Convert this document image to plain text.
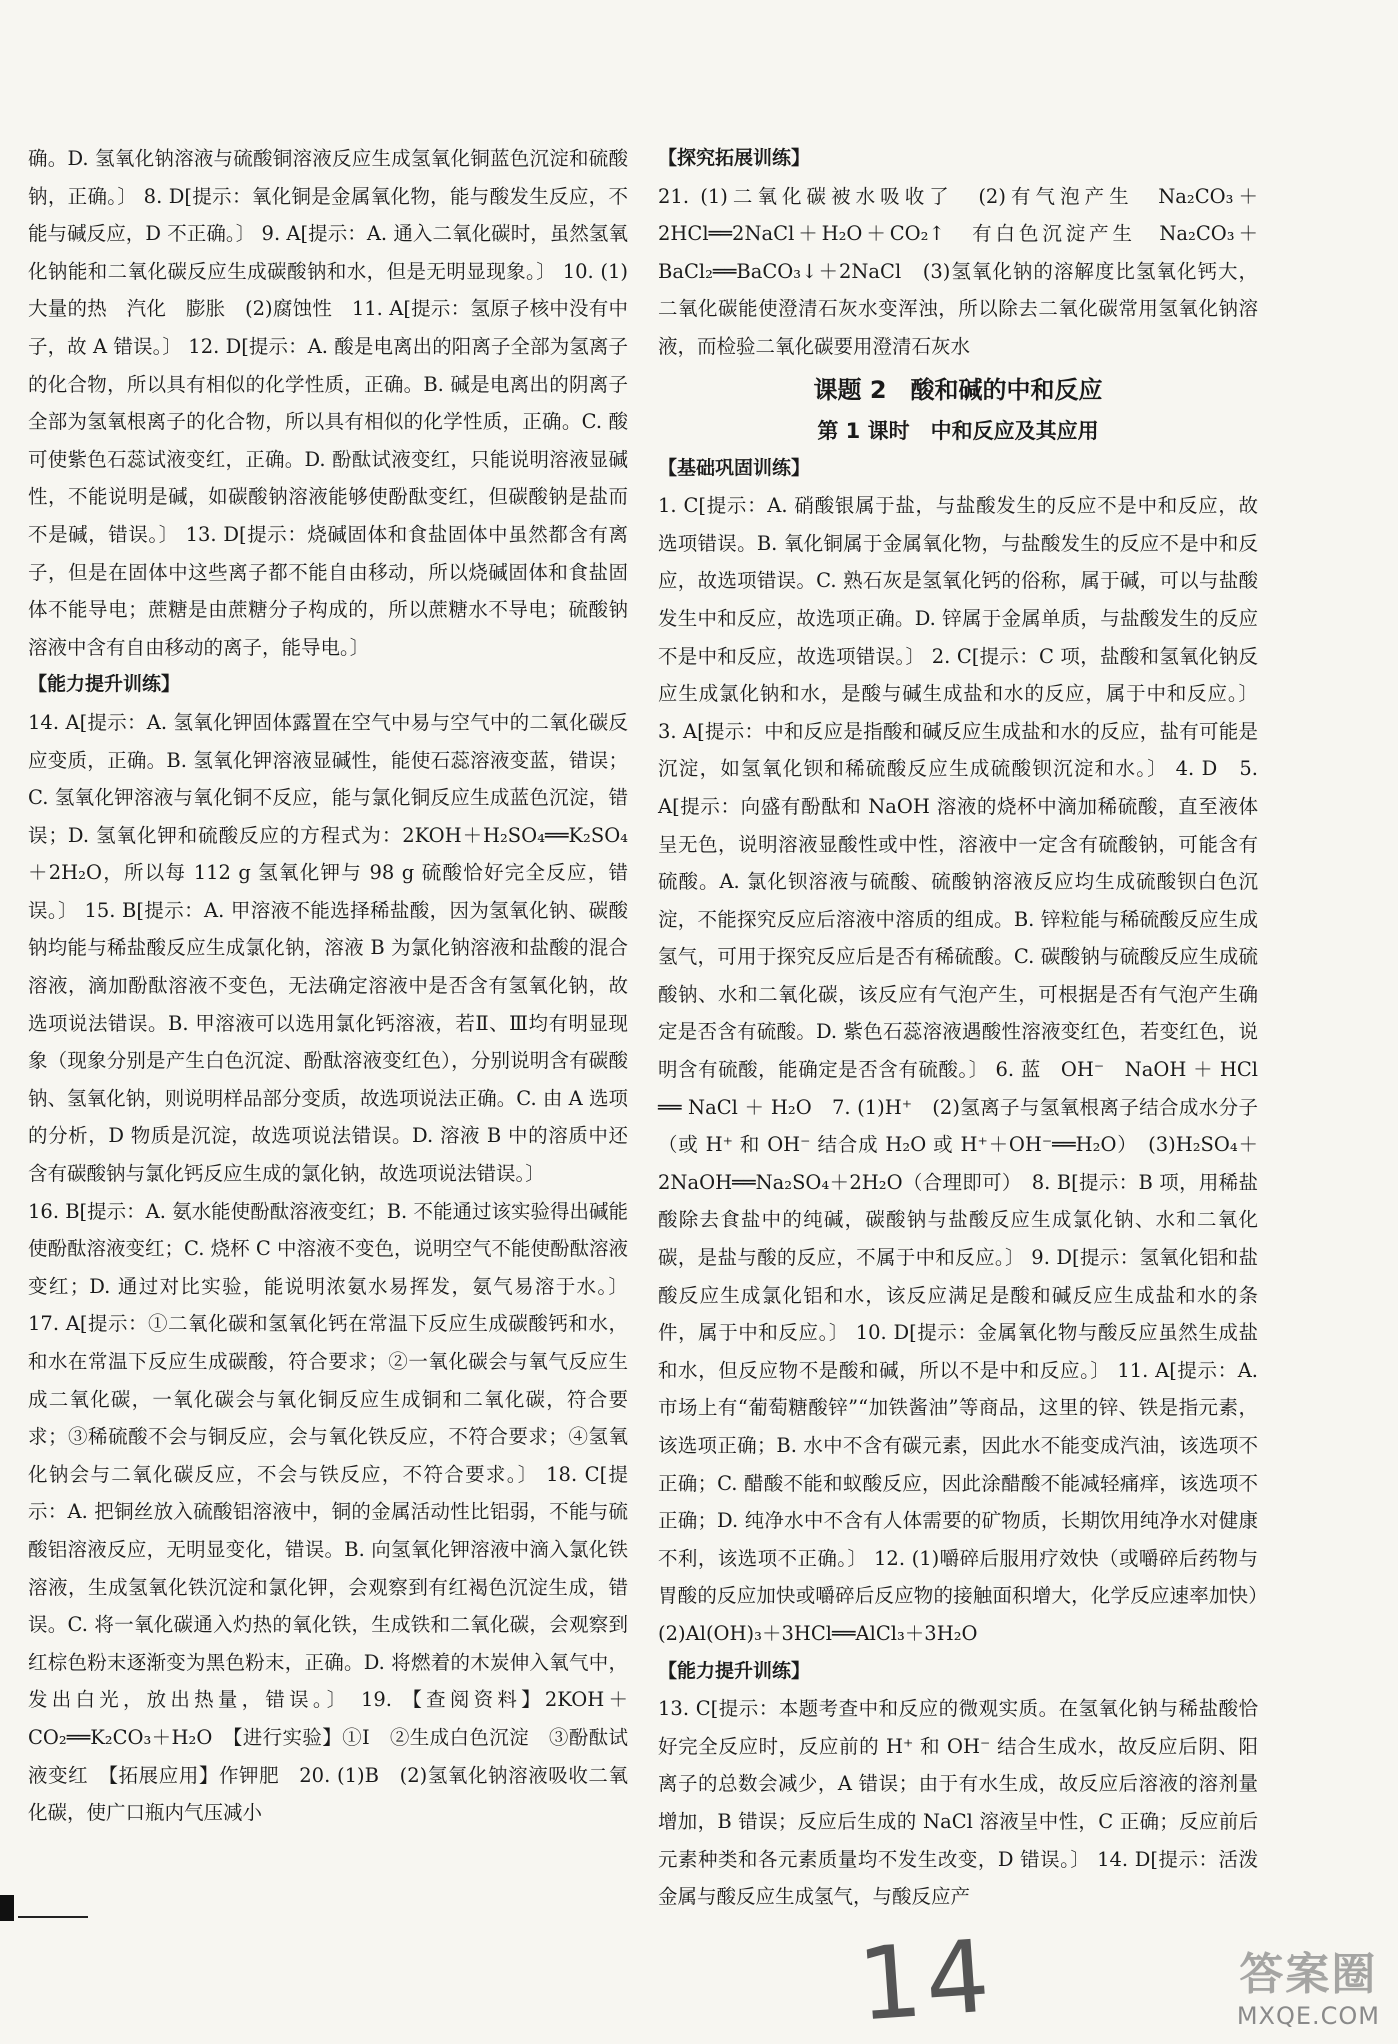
确。D. 氢氧化钠溶液与硫酸铜溶液反应生成氢氧化铜蓝色沉淀和硫酸钠，正确。〕 8. D[提示：氧化铜是金属氧化物，能与酸发生反应，不能与碱反应，D 不正确。〕 9. A[提示：A. 通入二氧化碳时，虽然氢氧化钠能和二氧化碳反应生成碳酸钠和水，但是无明显现象。〕 10. (1)大量的热　汽化　膨胀　(2)腐蚀性　11. A[提示：氢原子核中没有中子，故 A 错误。〕 12. D[提示：A. 酸是电离出的阳离子全部为氢离子的化合物，所以具有相似的化学性质，正确。B. 碱是电离出的阴离子全部为氢氧根离子的化合物，所以具有相似的化学性质，正确。C. 酸可使紫色石蕊试液变红，正确。D. 酚酞试液变红，只能说明溶液显碱性，不能说明是碱，如碳酸钠溶液能够使酚酞变红，但碳酸钠是盐而不是碱，错误。〕 13. D[提示：烧碱固体和食盐固体中虽然都含有离子，但是在固体中这些离子都不能自由移动，所以烧碱固体和食盐固体不能导电；蔗糖是由蔗糖分子构成的，所以蔗糖水不导电；硫酸钠溶液中含有自由移动的离子，能导电。〕

【能力提升训练】

14. A[提示：A. 氢氧化钾固体露置在空气中易与空气中的二氧化碳反应变质，正确。B. 氢氧化钾溶液显碱性，能使石蕊溶液变蓝，错误；C. 氢氧化钾溶液与氧化铜不反应，能与氯化铜反应生成蓝色沉淀，错误；D. 氢氧化钾和硫酸反应的方程式为：2KOH＋H₂SO₄══K₂SO₄＋2H₂O，所以每 112 g 氢氧化钾与 98 g 硫酸恰好完全反应，错误。〕 15. B[提示：A. 甲溶液不能选择稀盐酸，因为氢氧化钠、碳酸钠均能与稀盐酸反应生成氯化钠，溶液 B 为氯化钠溶液和盐酸的混合溶液，滴加酚酞溶液不变色，无法确定溶液中是否含有氢氧化钠，故选项说法错误。B. 甲溶液可以选用氯化钙溶液，若Ⅱ、Ⅲ均有明显现象（现象分别是产生白色沉淀、酚酞溶液变红色），分别说明含有碳酸钠、氢氧化钠，则说明样品部分变质，故选项说法正确。C. 由 A 选项的分析，D 物质是沉淀，故选项说法错误。D. 溶液 B 中的溶质中还含有碳酸钠与氯化钙反应生成的氯化钠，故选项说法错误。〕

16. B[提示：A. 氨水能使酚酞溶液变红；B. 不能通过该实验得出碱能使酚酞溶液变红；C. 烧杯 C 中溶液不变色，说明空气不能使酚酞溶液变红；D. 通过对比实验，能说明浓氨水易挥发，氨气易溶于水。〕 17. A[提示：①二氧化碳和氢氧化钙在常温下反应生成碳酸钙和水，和水在常温下反应生成碳酸，符合要求；②一氧化碳会与氧气反应生成二氧化碳，一氧化碳会与氧化铜反应生成铜和二氧化碳，符合要求；③稀硫酸不会与铜反应，会与氧化铁反应，不符合要求；④氢氧化钠会与二氧化碳反应，不会与铁反应，不符合要求。〕 18. C[提示：A. 把铜丝放入硫酸铝溶液中，铜的金属活动性比铝弱，不能与硫酸铝溶液反应，无明显变化，错误。B. 向氢氧化钾溶液中滴入氯化铁溶液，生成氢氧化铁沉淀和氯化钾，会观察到有红褐色沉淀生成，错误。C. 将一氧化碳通入灼热的氧化铁，生成铁和二氧化碳，会观察到红棕色粉末逐渐变为黑色粉末，正确。D. 将燃着的木炭伸入氧气中，发出白光，放出热量，错误。〕 19. 【查阅资料】2KOH＋CO₂══K₂CO₃＋H₂O　【进行实验】①Ⅰ　②生成白色沉淀　③酚酞试液变红　【拓展应用】作钾肥　20. (1)B　(2)氢氧化钠溶液吸收二氧化碳，使广口瓶内气压减小

【探究拓展训练】

21. (1)二氧化碳被水吸收了　(2)有气泡产生　Na₂CO₃＋2HCl══2NaCl＋H₂O＋CO₂↑　有白色沉淀产生　Na₂CO₃＋BaCl₂══BaCO₃↓＋2NaCl　(3)氢氧化钠的溶解度比氢氧化钙大，二氧化碳能使澄清石灰水变浑浊，所以除去二氧化碳常用氢氧化钠溶液，而检验二氧化碳要用澄清石灰水

课题 2　酸和碱的中和反应
第 1 课时　中和反应及其应用
【基础巩固训练】

1. C[提示：A. 硝酸银属于盐，与盐酸发生的反应不是中和反应，故选项错误。B. 氧化铜属于金属氧化物，与盐酸发生的反应不是中和反应，故选项错误。C. 熟石灰是氢氧化钙的俗称，属于碱，可以与盐酸发生中和反应，故选项正确。D. 锌属于金属单质，与盐酸发生的反应不是中和反应，故选项错误。〕 2. C[提示：C 项，盐酸和氢氧化钠反应生成氯化钠和水，是酸与碱生成盐和水的反应，属于中和反应。〕 3. A[提示：中和反应是指酸和碱反应生成盐和水的反应，盐有可能是沉淀，如氢氧化钡和稀硫酸反应生成硫酸钡沉淀和水。〕 4. D　5. A[提示：向盛有酚酞和 NaOH 溶液的烧杯中滴加稀硫酸，直至液体呈无色，说明溶液显酸性或中性，溶液中一定含有硫酸钠，可能含有硫酸。A. 氯化钡溶液与硫酸、硫酸钠溶液反应均生成硫酸钡白色沉淀，不能探究反应后溶液中溶质的组成。B. 锌粒能与稀硫酸反应生成氢气，可用于探究反应后是否有稀硫酸。C. 碳酸钠与硫酸反应生成硫酸钠、水和二氧化碳，该反应有气泡产生，可根据是否有气泡产生确定是否含有硫酸。D. 紫色石蕊溶液遇酸性溶液变红色，若变红色，说明含有硫酸，能确定是否含有硫酸。〕 6. 蓝　OH⁻　NaOH ＋ HCl ══ NaCl ＋ H₂O　7. (1)H⁺　(2)氢离子与氢氧根离子结合成水分子（或 H⁺ 和 OH⁻ 结合成 H₂O 或 H⁺＋OH⁻══H₂O）　(3)H₂SO₄＋2NaOH══Na₂SO₄＋2H₂O（合理即可）　8. B[提示：B 项，用稀盐酸除去食盐中的纯碱，碳酸钠与盐酸反应生成氯化钠、水和二氧化碳，是盐与酸的反应，不属于中和反应。〕 9. D[提示：氢氧化铝和盐酸反应生成氯化铝和水，该反应满足是酸和碱反应生成盐和水的条件，属于中和反应。〕 10. D[提示：金属氧化物与酸反应虽然生成盐和水，但反应物不是酸和碱，所以不是中和反应。〕 11. A[提示：A. 市场上有“葡萄糖酸锌”“加铁酱油”等商品，这里的锌、铁是指元素，该选项正确；B. 水中不含有碳元素，因此水不能变成汽油，该选项不正确；C. 醋酸不能和蚁酸反应，因此涂醋酸不能减轻痛痒，该选项不正确；D. 纯净水中不含有人体需要的矿物质，长期饮用纯净水对健康不利，该选项不正确。〕 12. (1)嚼碎后服用疗效快（或嚼碎后药物与胃酸的反应加快或嚼碎后反应物的接触面积增大，化学反应速率加快）　(2)Al(OH)₃＋3HCl══AlCl₃＋3H₂O

【能力提升训练】

13. C[提示：本题考查中和反应的微观实质。在氢氧化钠与稀盐酸恰好完全反应时，反应前的 H⁺ 和 OH⁻ 结合生成水，故反应后阴、阳离子的总数会减少，A 错误；由于有水生成，故反应后溶液的溶剂量增加，B 错误；反应后生成的 NaCl 溶液呈中性，C 正确；反应前后元素种类和各元素质量均不发生改变，D 错误。〕 14. D[提示：活泼金属与酸反应生成氢气，与酸反应产

14	答案圈
MXQE.COM
